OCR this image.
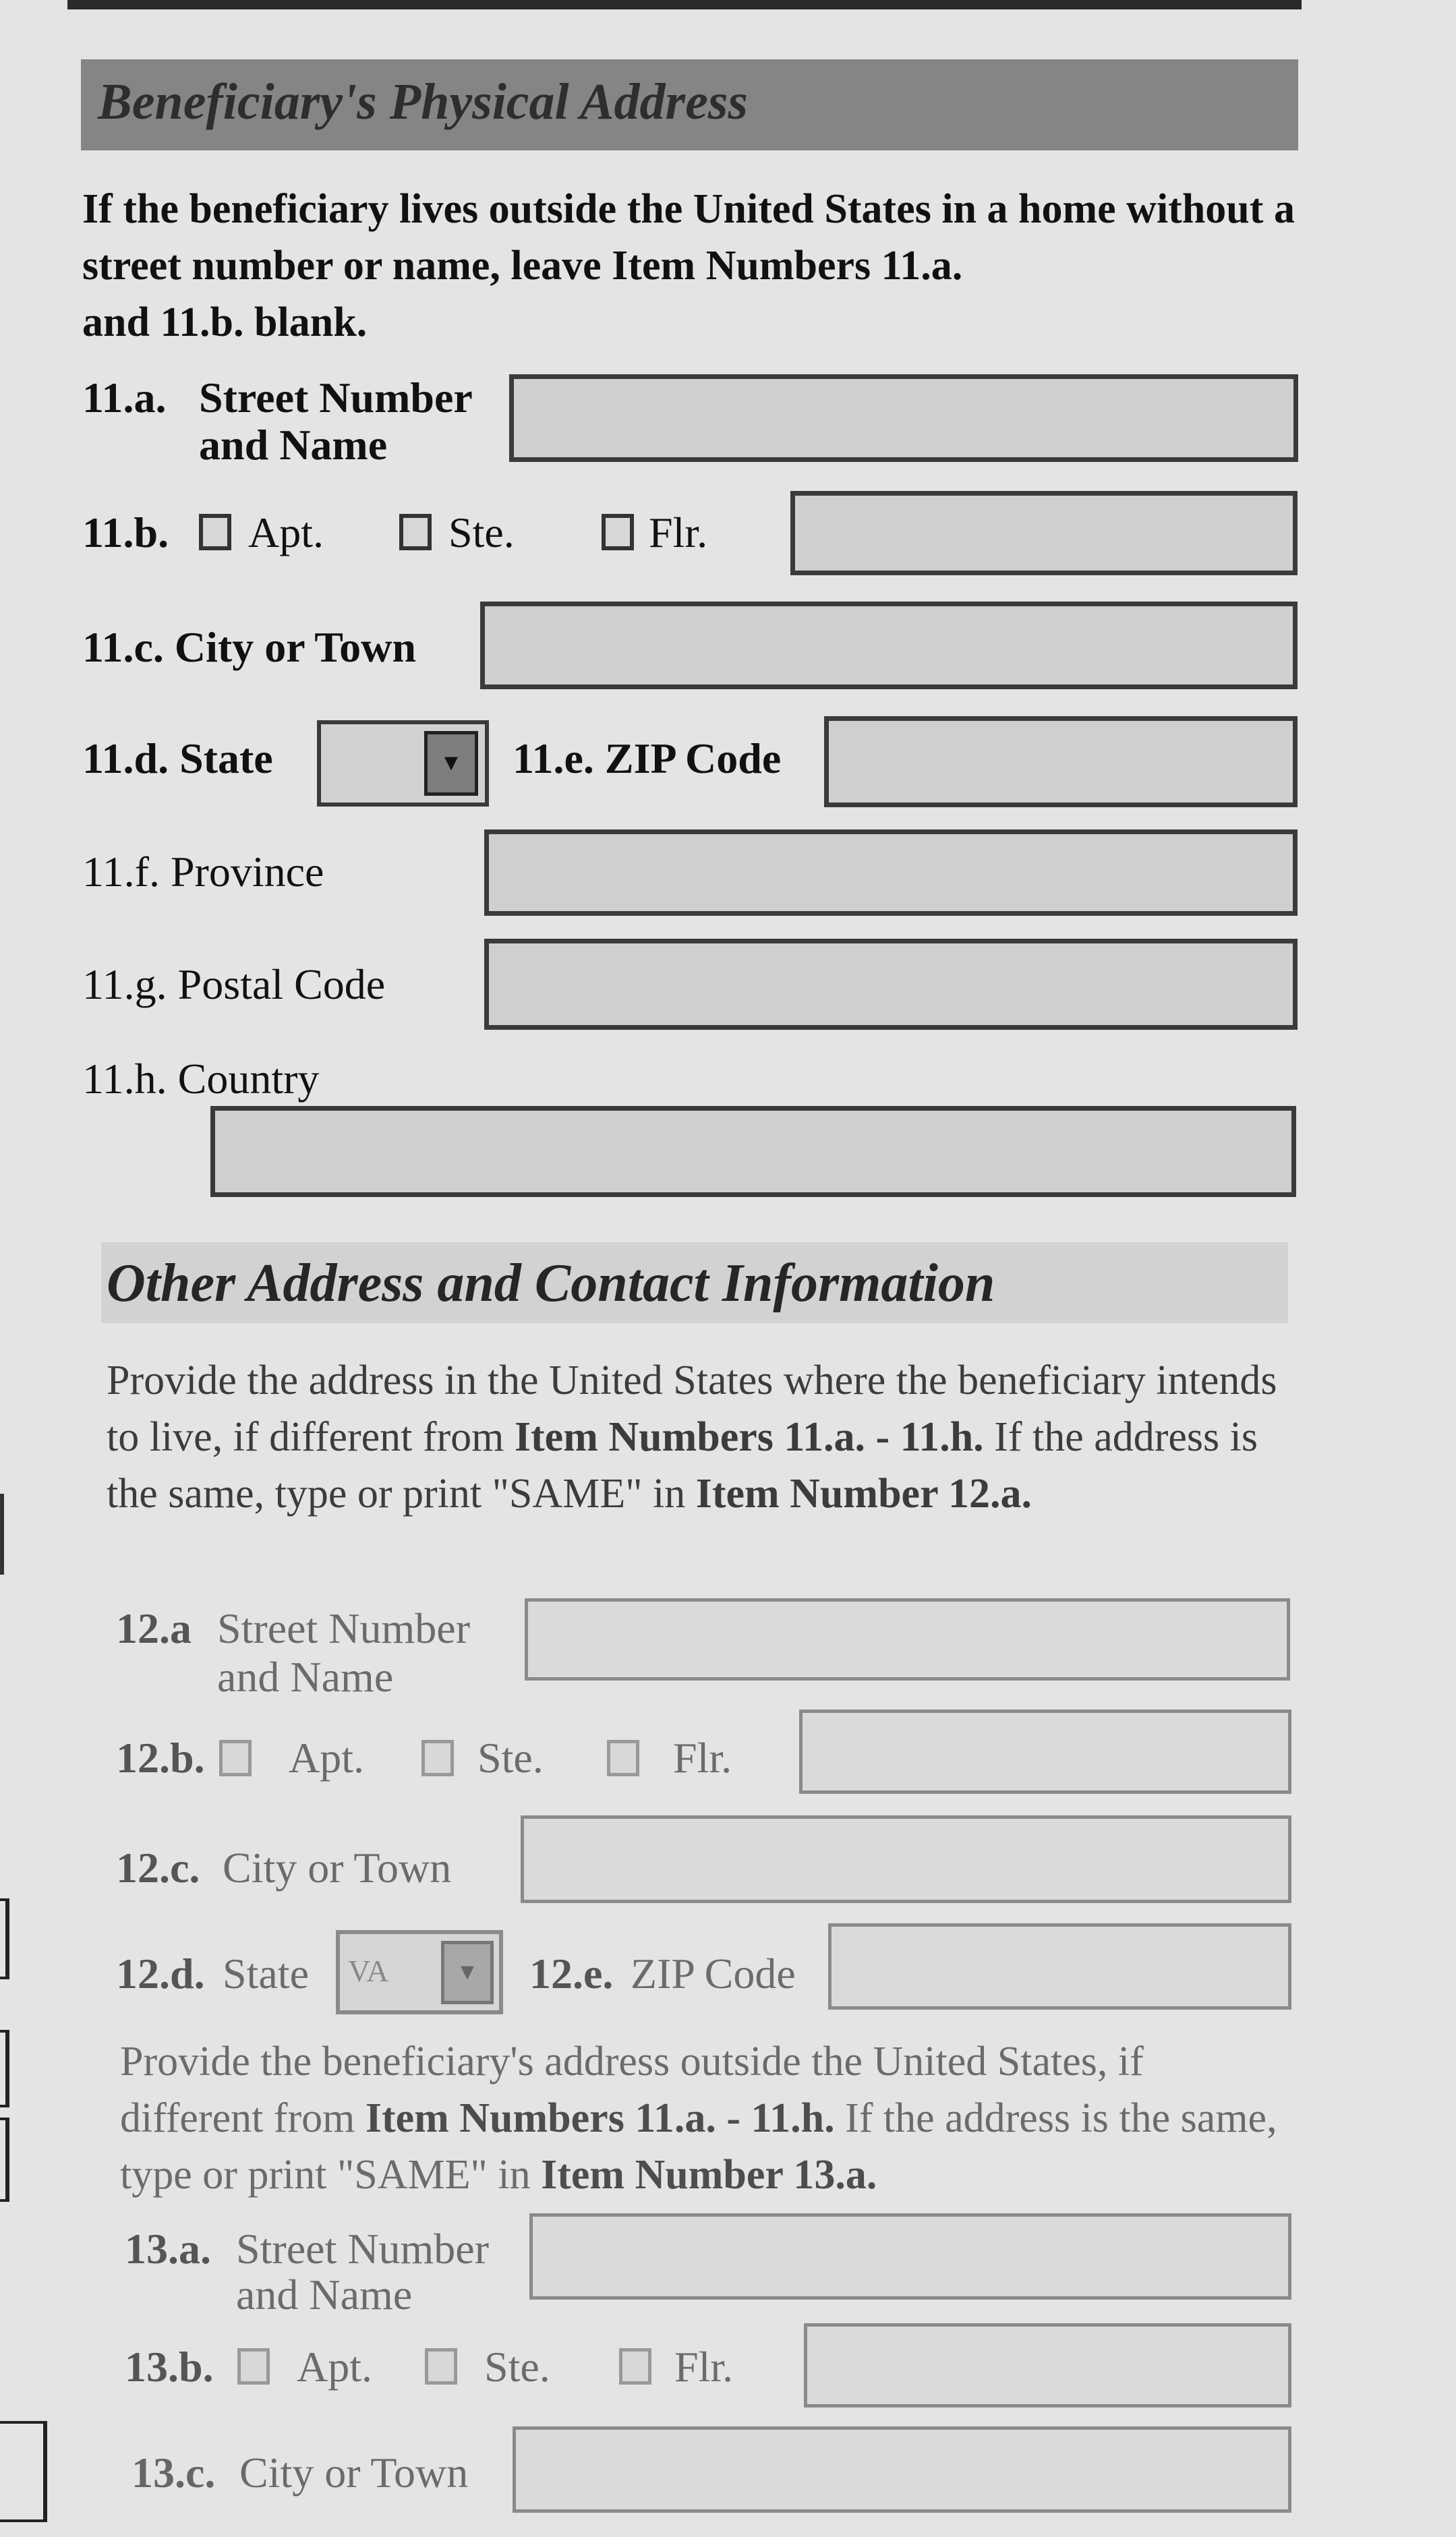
Beneficiary's Physical Address
If the beneficiary lives outside the United States in a home without a street number or name, leave Item Numbers 11.a.
and 11.b. blank.
11.a. Street Number
and Name
11.b. Apt.	Ste.	Flr.
11.c. City or Town
11.d. State	▼	11.e. ZIP Code
11.f. Province
11.g. Postal Code
11.h. Country
Other Address and Contact Information
Provide the address in the United States where the beneficiary intends to live, if different from Item Numbers 11.a. - 11.h. If the address is the same, type or print "SAME" in Item Number 12.a.
12.a Street Number
and Name
12.b. Apt.	Ste.	Flr.
12.c. City or Town
12.d. State VA	▼	12.e. ZIP Code
Provide the beneficiary's address outside the United States, if different from Item Numbers 11.a. - 11.h. If the address is the same, type or print "SAME" in Item Number 13.a.
13.a. Street Number
and Name
13.b. Apt.	Ste.	Flr.
13.c. City or Town
